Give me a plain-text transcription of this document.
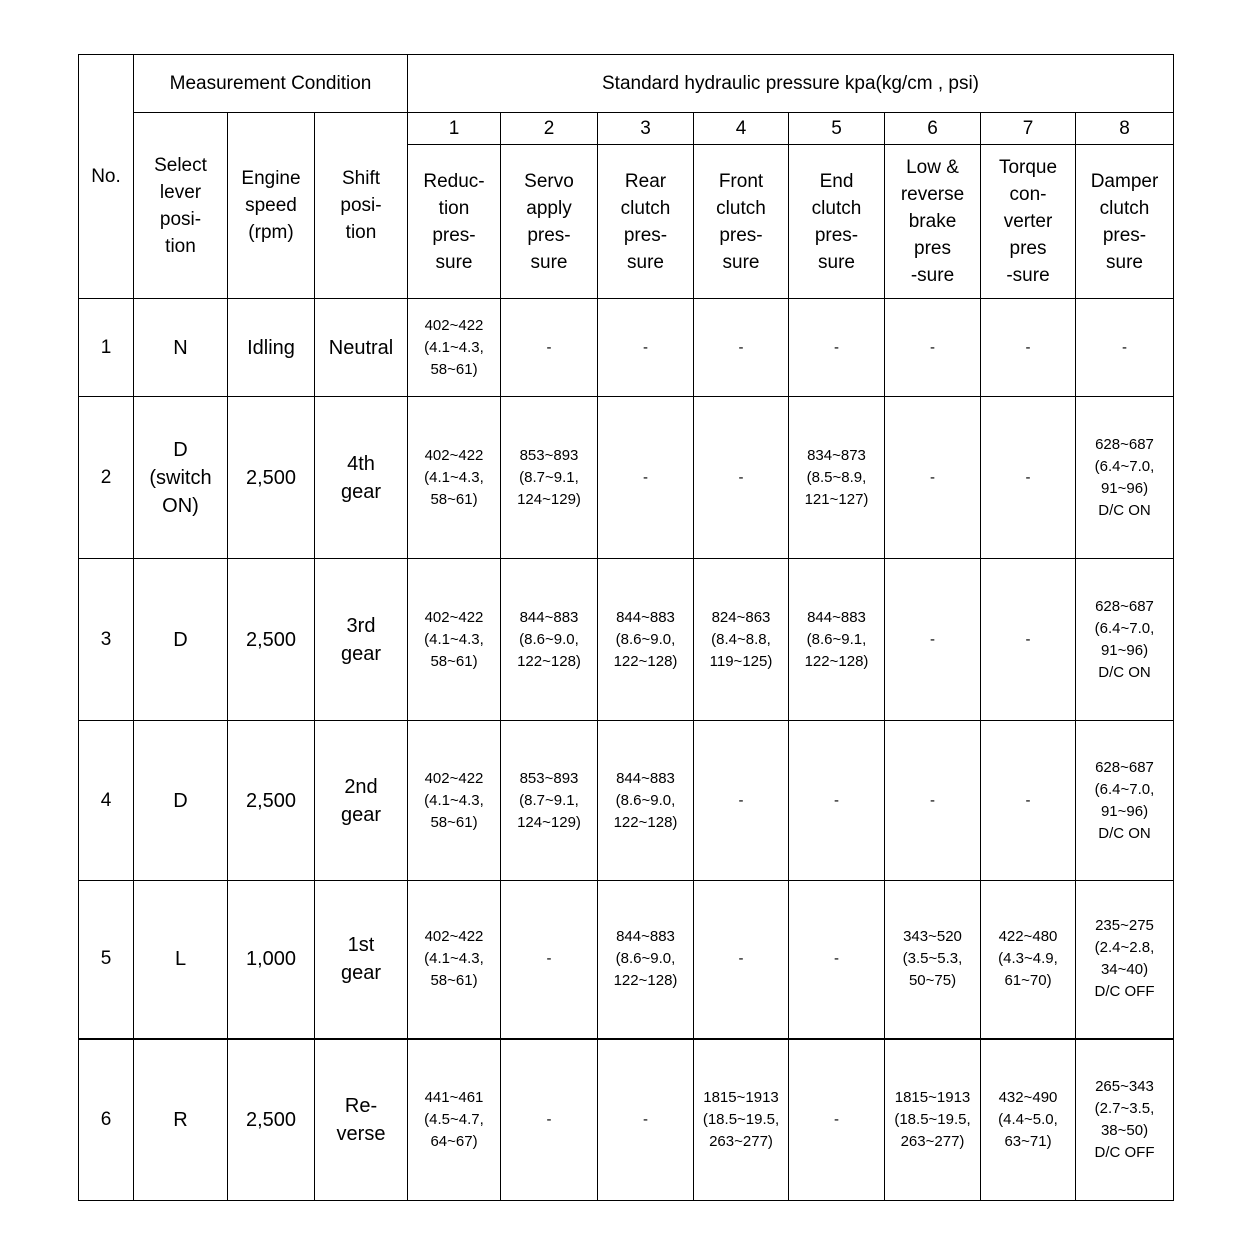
No.	Measurement Condition			Standard hydraulic pressure kpa(kg/cm , psi)							

	Select
lever
posi-
tion	Engine
speed
(rpm)	Shift
posi-
tion	1	2	3	4	5	6	7	8

				Reduc-
tion
pres-
sure	Servo
apply
pres-
sure	Rear
clutch
pres-
sure	Front
clutch
pres-
sure	End
clutch
pres-
sure	Low &
reverse
brake
pres
-sure	Torque
con-
verter
pres
-sure	Damper
clutch
pres-
sure

1	N	Idling	Neutral	402~422
(4.1~4.3,
58~61)	-	-	-	-	-	-	-

2	D
(switch
ON)	2,500	4th
gear	402~422
(4.1~4.3,
58~61)	853~893
(8.7~9.1,
124~129)	-	-	834~873
(8.5~8.9,
121~127)	-	-	628~687
(6.4~7.0,
91~96)
D/C ON

3	D	2,500	3rd
gear	402~422
(4.1~4.3,
58~61)	844~883
(8.6~9.0,
122~128)	844~883
(8.6~9.0,
122~128)	824~863
(8.4~8.8,
119~125)	844~883
(8.6~9.1,
122~128)	-	-	628~687
(6.4~7.0,
91~96)
D/C ON

4	D	2,500	2nd
gear	402~422
(4.1~4.3,
58~61)	853~893
(8.7~9.1,
124~129)	844~883
(8.6~9.0,
122~128)	-	-	-	-	628~687
(6.4~7.0,
91~96)
D/C ON

5	L	1,000	1st
gear	402~422
(4.1~4.3,
58~61)	-	844~883
(8.6~9.0,
122~128)	-	-	343~520
(3.5~5.3,
50~75)	422~480
(4.3~4.9,
61~70)	235~275
(2.4~2.8,
34~40)
D/C OFF

6	R	2,500	Re-
verse	441~461
(4.5~4.7,
64~67)	-	-	1815~1913
(18.5~19.5,
263~277)	-	1815~1913
(18.5~19.5,
263~277)	432~490
(4.4~5.0,
63~71)	265~343
(2.7~3.5,
38~50)
D/C OFF
